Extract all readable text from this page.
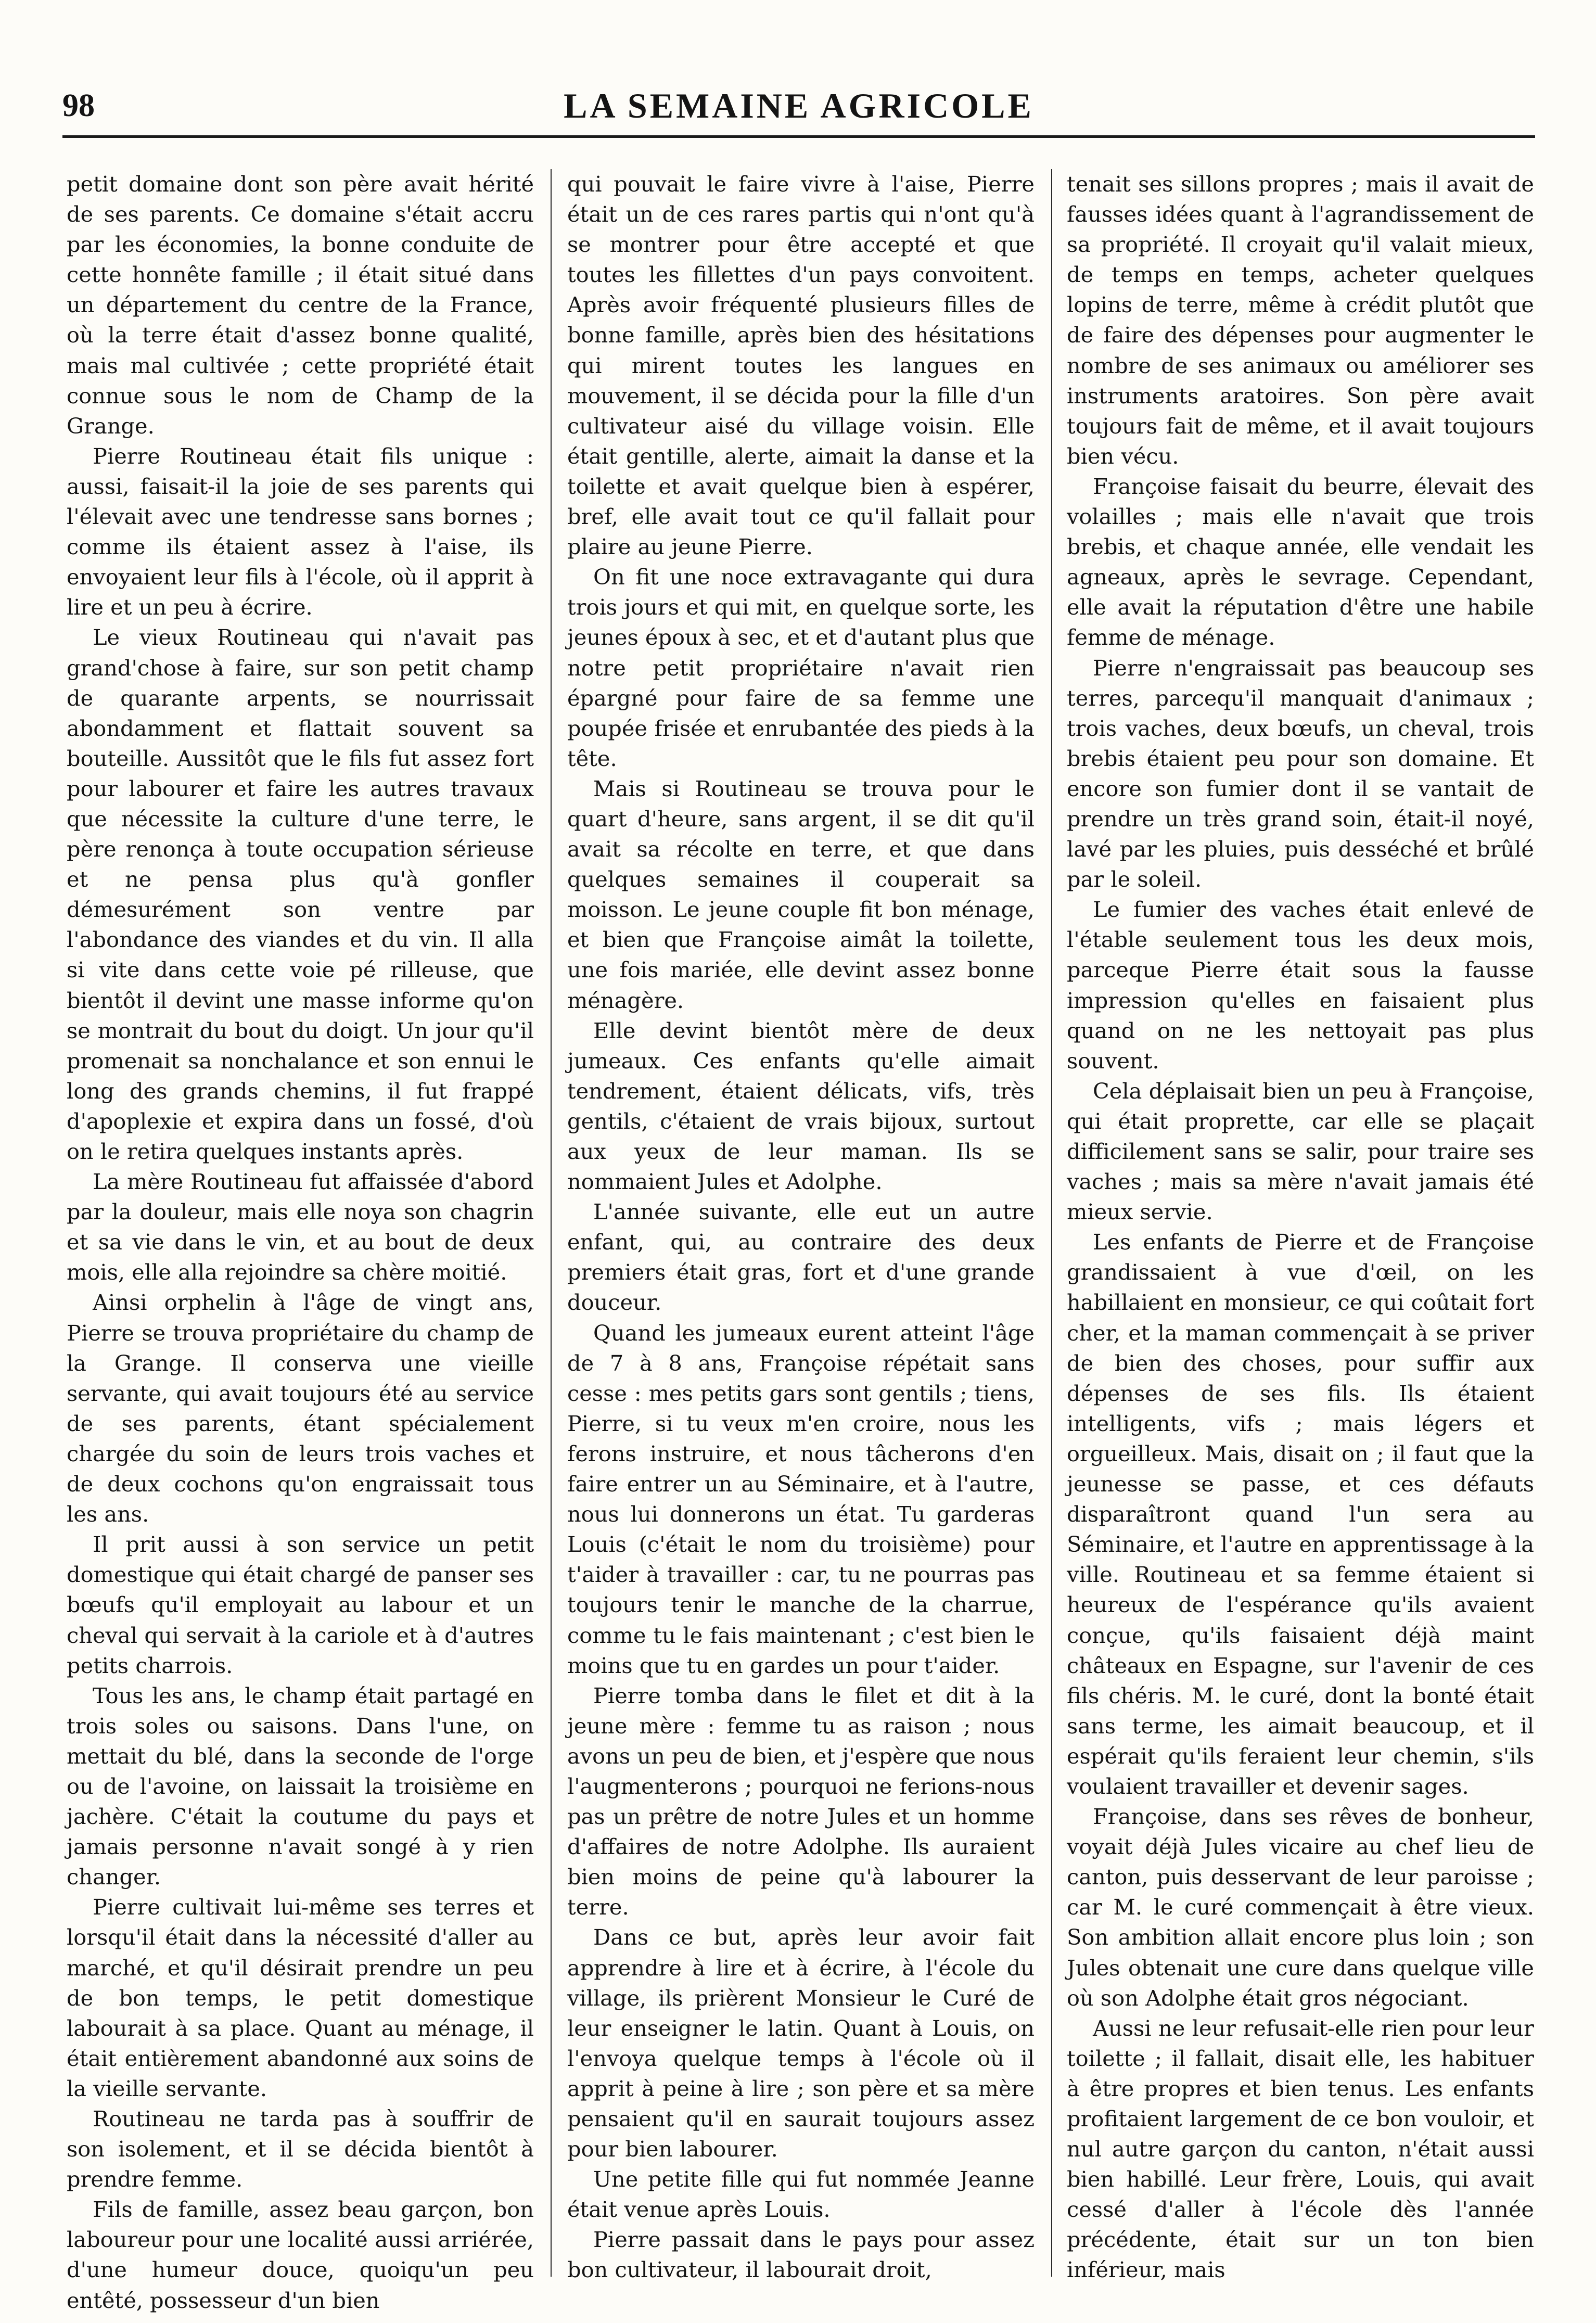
98	LA SEMAINE AGRICOLE

petit domaine dont son père avait hérité de ses parents. Ce domaine s'était accru par les économies, la bonne conduite de cette honnête famille ; il était situé dans un département du centre de la France, où la terre était d'assez bonne qualité, mais mal cultivée ; cette propriété était connue sous le nom de Champ de la Grange.

Pierre Routineau était fils unique : aussi, faisait-il la joie de ses parents qui l'élevait avec une tendresse sans bornes ; comme ils étaient assez à l'aise, ils envoyaient leur fils à l'école, où il apprit à lire et un peu à écrire.

Le vieux Routineau qui n'avait pas grand'chose à faire, sur son petit champ de quarante arpents, se nourrissait abondamment et flattait souvent sa bouteille. Aussitôt que le fils fut assez fort pour labourer et faire les autres travaux que nécessite la culture d'une terre, le père renonça à toute occupation sérieuse et ne pensa plus qu'à gonfler démesurément son ventre par l'abondance des viandes et du vin. Il alla si vite dans cette voie pé rilleuse, que bientôt il devint une masse informe qu'on se montrait du bout du doigt. Un jour qu'il promenait sa nonchalance et son ennui le long des grands chemins, il fut frappé d'apoplexie et expira dans un fossé, d'où on le retira quelques instants après.

La mère Routineau fut affaissée d'abord par la douleur, mais elle noya son chagrin et sa vie dans le vin, et au bout de deux mois, elle alla rejoindre sa chère moitié.

Ainsi orphelin à l'âge de vingt ans, Pierre se trouva propriétaire du champ de la Grange. Il conserva une vieille servante, qui avait toujours été au service de ses parents, étant spécialement chargée du soin de leurs trois vaches et de deux cochons qu'on engraissait tous les ans.

Il prit aussi à son service un petit domestique qui était chargé de panser ses bœufs qu'il employait au labour et un cheval qui servait à la cariole et à d'autres petits charrois.

Tous les ans, le champ était partagé en trois soles ou saisons. Dans l'une, on mettait du blé, dans la seconde de l'orge ou de l'avoine, on laissait la troisième en jachère. C'était la coutume du pays et jamais personne n'avait songé à y rien changer.

Pierre cultivait lui-même ses terres et lorsqu'il était dans la nécessité d'aller au marché, et qu'il désirait prendre un peu de bon temps, le petit domestique labourait à sa place. Quant au ménage, il était entièrement abandonné aux soins de la vieille servante.

Routineau ne tarda pas à souffrir de son isolement, et il se décida bientôt à prendre femme.

Fils de famille, assez beau garçon, bon laboureur pour une localité aussi arriérée, d'une humeur douce, quoiqu'un peu entêté, possesseur d'un bien

qui pouvait le faire vivre à l'aise, Pierre était un de ces rares partis qui n'ont qu'à se montrer pour être accepté et que toutes les fillettes d'un pays convoitent. Après avoir fréquenté plusieurs filles de bonne famille, après bien des hésitations qui mirent toutes les langues en mouvement, il se décida pour la fille d'un cultivateur aisé du village voisin. Elle était gentille, alerte, aimait la danse et la toilette et avait quelque bien à espérer, bref, elle avait tout ce qu'il fallait pour plaire au jeune Pierre.

On fit une noce extravagante qui dura trois jours et qui mit, en quelque sorte, les jeunes époux à sec, et et d'autant plus que notre petit propriétaire n'avait rien épargné pour faire de sa femme une poupée frisée et enrubantée des pieds à la tête.

Mais si Routineau se trouva pour le quart d'heure, sans argent, il se dit qu'il avait sa récolte en terre, et que dans quelques semaines il couperait sa moisson. Le jeune couple fit bon ménage, et bien que Françoise aimât la toilette, une fois mariée, elle devint assez bonne ménagère.

Elle devint bientôt mère de deux jumeaux. Ces enfants qu'elle aimait tendrement, étaient délicats, vifs, très gentils, c'étaient de vrais bijoux, surtout aux yeux de leur maman. Ils se nommaient Jules et Adolphe.

L'année suivante, elle eut un autre enfant, qui, au contraire des deux premiers était gras, fort et d'une grande douceur.

Quand les jumeaux eurent atteint l'âge de 7 à 8 ans, Françoise répétait sans cesse : mes petits gars sont gentils ; tiens, Pierre, si tu veux m'en croire, nous les ferons instruire, et nous tâcherons d'en faire entrer un au Séminaire, et à l'autre, nous lui donnerons un état. Tu garderas Louis (c'était le nom du troisième) pour t'aider à travailler : car, tu ne pourras pas toujours tenir le manche de la charrue, comme tu le fais maintenant ; c'est bien le moins que tu en gardes un pour t'aider.

Pierre tomba dans le filet et dit à la jeune mère : femme tu as raison ; nous avons un peu de bien, et j'espère que nous l'augmenterons ; pourquoi ne ferions-nous pas un prêtre de notre Jules et un homme d'affaires de notre Adolphe. Ils auraient bien moins de peine qu'à labourer la terre.

Dans ce but, après leur avoir fait apprendre à lire et à écrire, à l'école du village, ils prièrent Monsieur le Curé de leur enseigner le latin. Quant à Louis, on l'envoya quelque temps à l'école où il apprit à peine à lire ; son père et sa mère pensaient qu'il en saurait toujours assez pour bien labourer.

Une petite fille qui fut nommée Jeanne était venue après Louis.

Pierre passait dans le pays pour assez bon cultivateur, il labourait droit,

tenait ses sillons propres ; mais il avait de fausses idées quant à l'agrandissement de sa propriété. Il croyait qu'il valait mieux, de temps en temps, acheter quelques lopins de terre, même à crédit plutôt que de faire des dépenses pour augmenter le nombre de ses animaux ou améliorer ses instruments aratoires. Son père avait toujours fait de même, et il avait toujours bien vécu.

Françoise faisait du beurre, élevait des volailles ; mais elle n'avait que trois brebis, et chaque année, elle vendait les agneaux, après le sevrage. Cependant, elle avait la réputation d'être une habile femme de ménage.

Pierre n'engraissait pas beaucoup ses terres, parcequ'il manquait d'animaux ; trois vaches, deux bœufs, un cheval, trois brebis étaient peu pour son domaine. Et encore son fumier dont il se vantait de prendre un très grand soin, était-il noyé, lavé par les pluies, puis desséché et brûlé par le soleil.

Le fumier des vaches était enlevé de l'étable seulement tous les deux mois, parceque Pierre était sous la fausse impression qu'elles en faisaient plus quand on ne les nettoyait pas plus souvent.

Cela déplaisait bien un peu à Françoise, qui était proprette, car elle se plaçait difficilement sans se salir, pour traire ses vaches ; mais sa mère n'avait jamais été mieux servie.

Les enfants de Pierre et de Françoise grandissaient à vue d'œil, on les habillaient en monsieur, ce qui coûtait fort cher, et la maman commençait à se priver de bien des choses, pour suffir aux dépenses de ses fils. Ils étaient intelligents, vifs ; mais légers et orgueilleux. Mais, disait on ; il faut que la jeunesse se passe, et ces défauts disparaîtront quand l'un sera au Séminaire, et l'autre en apprentissage à la ville. Routineau et sa femme étaient si heureux de l'espérance qu'ils avaient conçue, qu'ils faisaient déjà maint châteaux en Espagne, sur l'avenir de ces fils chéris. M. le curé, dont la bonté était sans terme, les aimait beaucoup, et il espérait qu'ils feraient leur chemin, s'ils voulaient travailler et devenir sages.

Françoise, dans ses rêves de bonheur, voyait déjà Jules vicaire au chef lieu de canton, puis desservant de leur paroisse ; car M. le curé commençait à être vieux. Son ambition allait encore plus loin ; son Jules obtenait une cure dans quelque ville où son Adolphe était gros négociant.

Aussi ne leur refusait-elle rien pour leur toilette ; il fallait, disait elle, les habituer à être propres et bien tenus. Les enfants profitaient largement de ce bon vouloir, et nul autre garçon du canton, n'était aussi bien habillé. Leur frère, Louis, qui avait cessé d'aller à l'école dès l'année précédente, était sur un ton bien inférieur, mais
